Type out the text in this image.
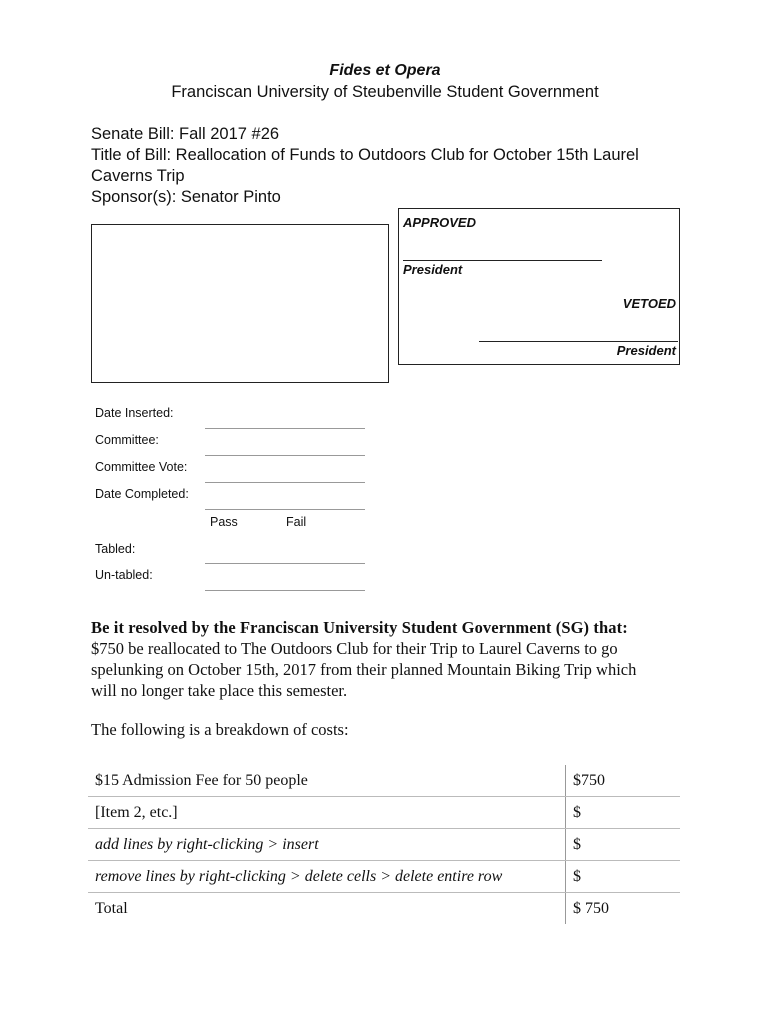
Fides et Opera
Franciscan University of Steubenville Student Government
Senate Bill: Fall 2017 #26
Title of Bill: Reallocation of Funds to Outdoors Club for October 15th Laurel
Caverns Trip
Sponsor(s): Senator Pinto
APPROVED
President
VETOED
President
Date Inserted:
Committee:
Committee Vote:
Date Completed:
Pass	Fail
Tabled:
Un-tabled:
Be it resolved by the Franciscan University Student Government (SG) that:
$750 be reallocated to The Outdoors Club for their Trip to Laurel Caverns to go
spelunking on October 15th, 2017 from their planned Mountain Biking Trip which
will no longer take place this semester.
The following is a breakdown of costs:
$15 Admission Fee for 50 people	$750
[Item 2, etc.]	$
add lines by right-clicking > insert	$
remove lines by right-clicking > delete cells > delete entire row	$
Total	$ 750
